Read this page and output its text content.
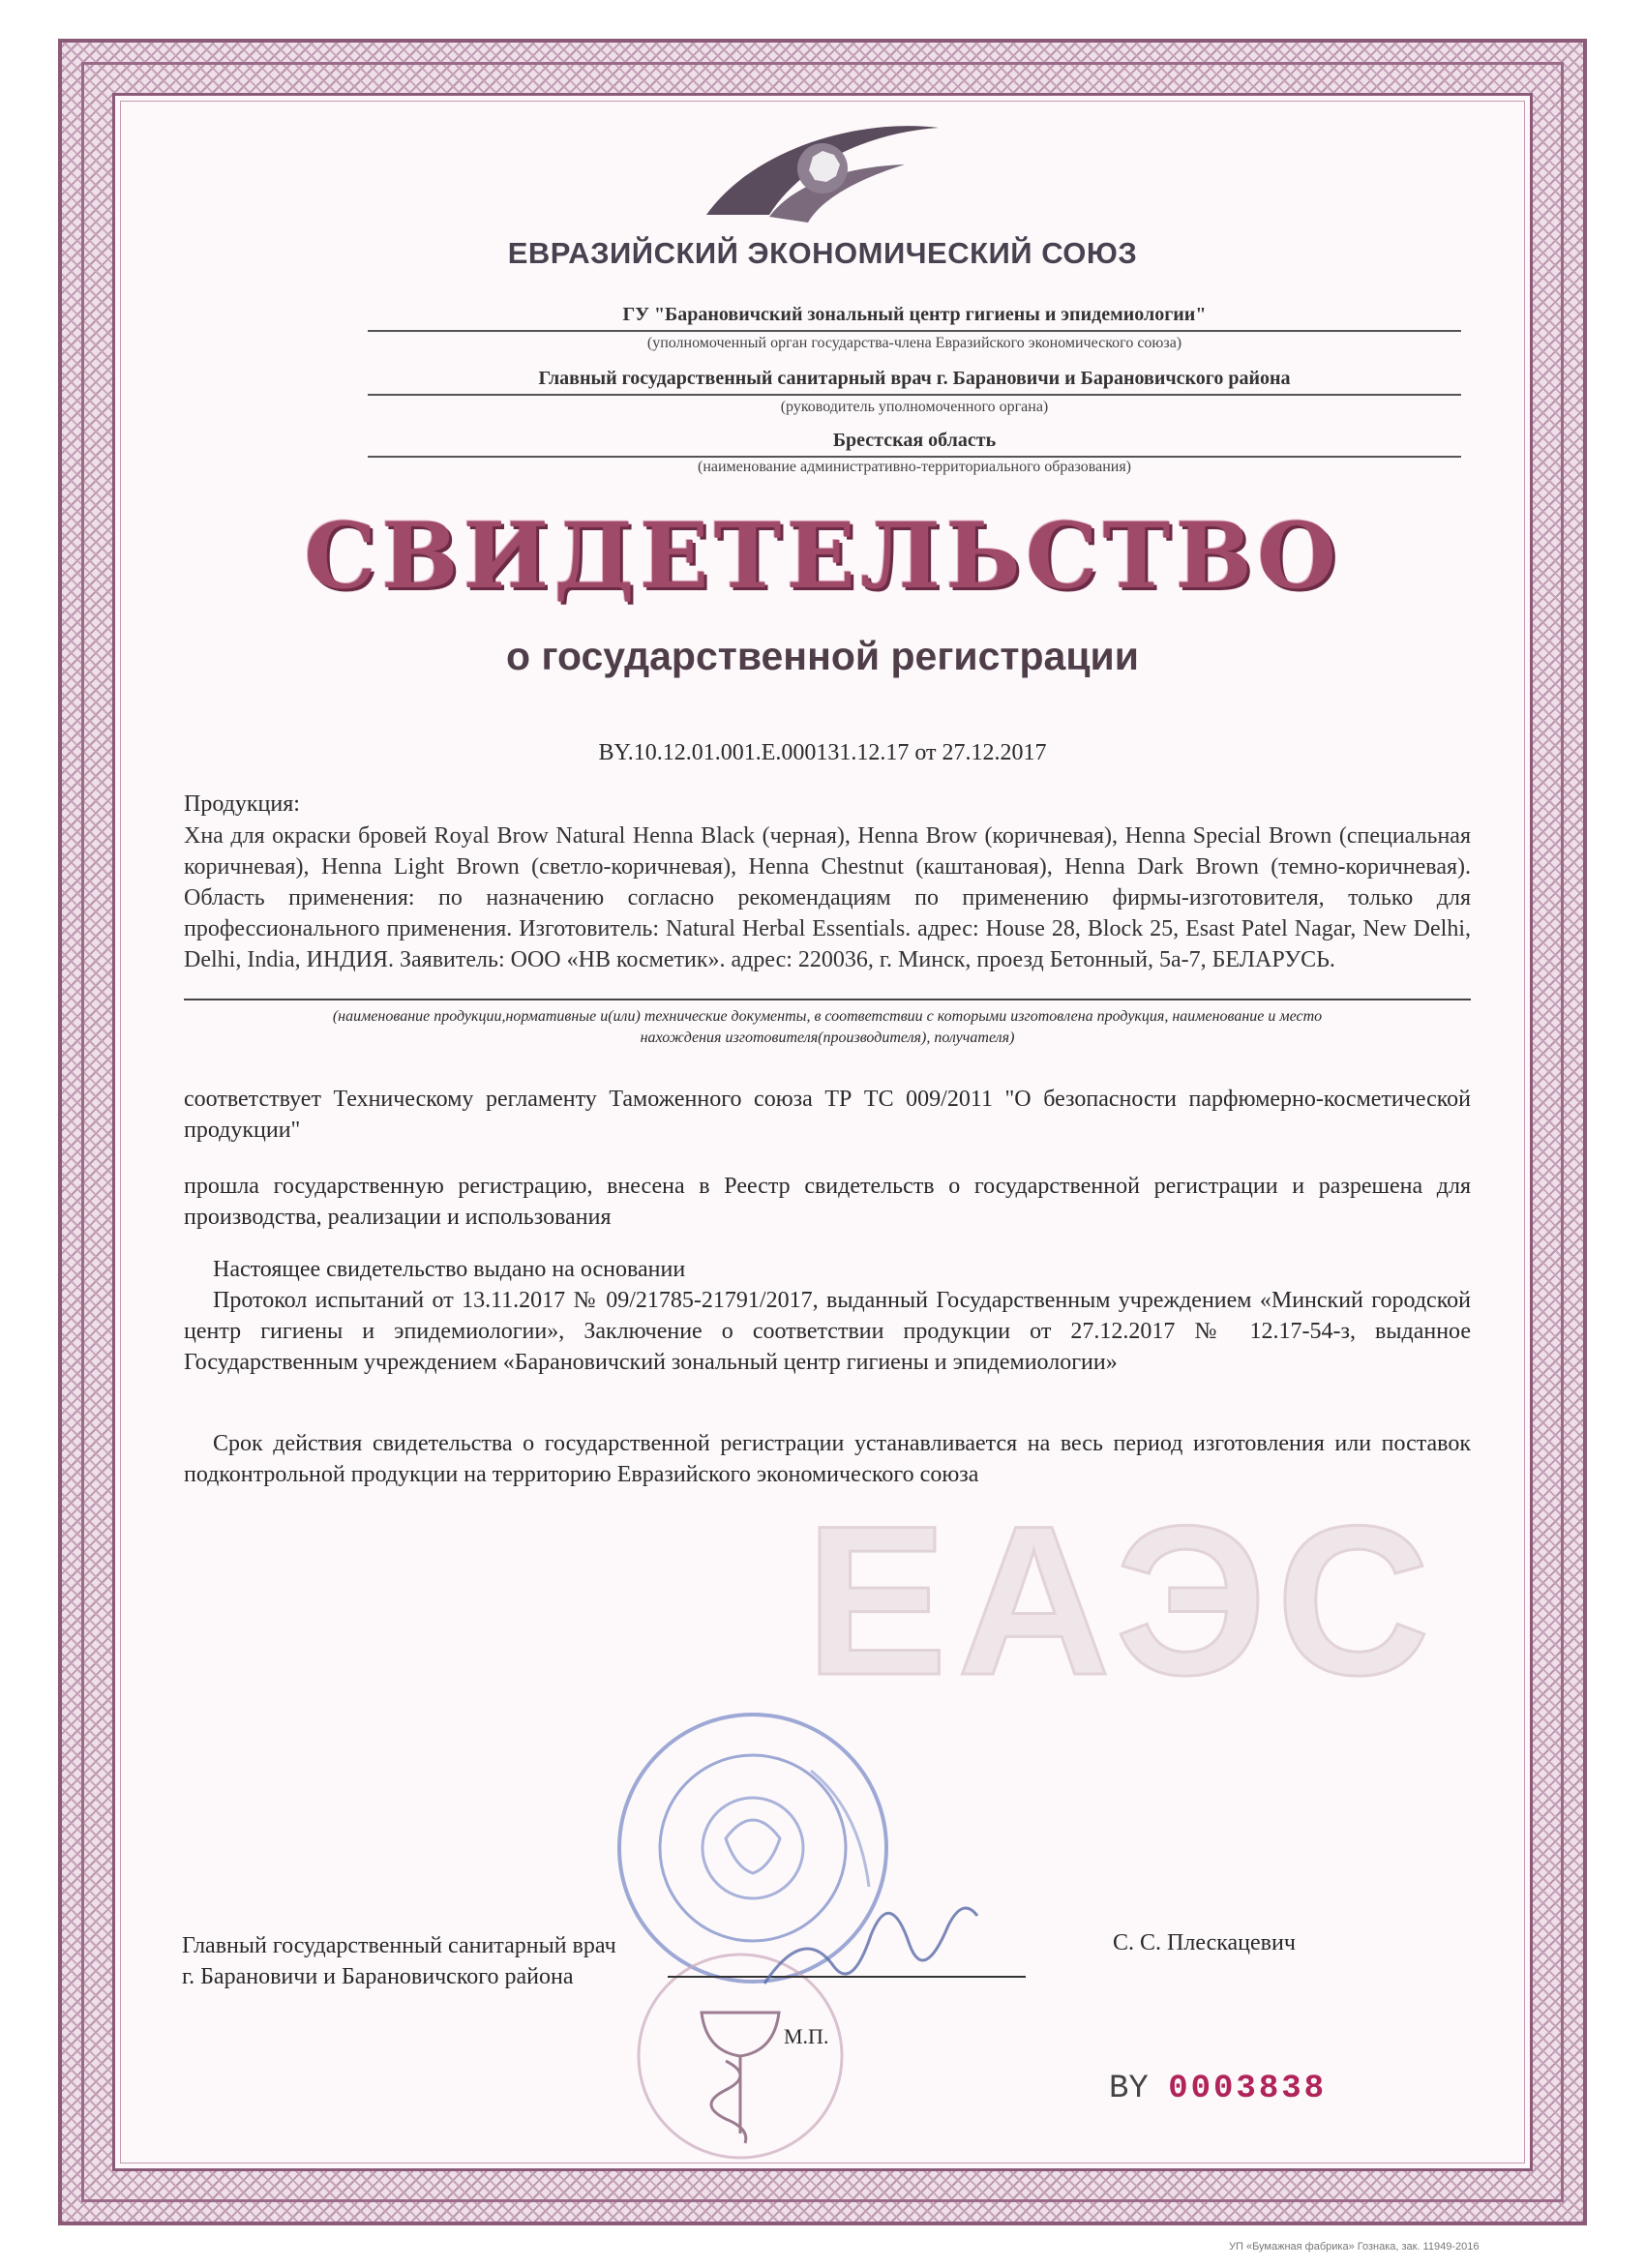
ЕАЭС
ЕВРАЗИЙСКИЙ ЭКОНОМИЧЕСКИЙ СОЮЗ
ГУ "Барановичский зональный центр гигиены и эпидемиологии"
(уполномоченный орган государства-члена Евразийского экономического союза)
Главный государственный санитарный врач г. Барановичи и Барановичского района
(руководитель уполномоченного органа)
Брестская область
(наименование административно-территориального образования)
СВИДЕТЕЛЬСТВО
о государственной регистрации
BY.10.12.01.001.E.000131.12.17 от 27.12.2017
Продукция:
Хна для окраски бровей Royal Brow Natural Henna Black (черная), Henna Brow (коричневая), Henna Special Brown (специальная коричневая), Henna Light Brown (светло-коричневая), Henna Chestnut (каштановая), Henna Dark Brown (темно-коричневая). Область применения: по назначению согласно рекомендациям по применению фирмы-изготовителя, только для профессионального применения. Изготовитель: Natural Herbal Essentials. адрес: House 28, Block 25, Esast Patel Nagar, New Delhi, Delhi, India, ИНДИЯ. Заявитель: ООО «НВ косметик». адрес: 220036, г. Минск, проезд Бетонный, 5а-7, БЕЛАРУСЬ.
(наименование продукции,нормативные и(или) технические документы, в соответствии с которыми изготовлена продукция, наименование и место
нахождения изготовителя(производителя), получателя)
соответствует Техническому регламенту Таможенного союза ТР ТС 009/2011 "О безопасности парфюмерно-косметической продукции"
прошла государственную регистрацию, внесена в Реестр свидетельств о государственной регистрации и разрешена для производства, реализации и использования
Настоящее свидетельство выдано на основании
Протокол испытаний от 13.11.2017 № 09/21785-21791/2017, выданный Государственным учреждением «Минский городской центр гигиены и эпидемиологии», Заключение о соответствии продукции от 27.12.2017 № 12.17-54-з, выданное Государственным учреждением «Барановичский зональный центр гигиены и эпидемиологии»
Срок действия свидетельства о государственной регистрации устанавливается на весь период изготовления или поставок подконтрольной продукции на территорию Евразийского экономического союза
Главный государственный санитарный врач
г. Барановичи и Барановичского района
С. С. Плескацевич
М.П.
BY 0003838
УП «Бумажная фабрика» Гознака, зак. 11949-2016
